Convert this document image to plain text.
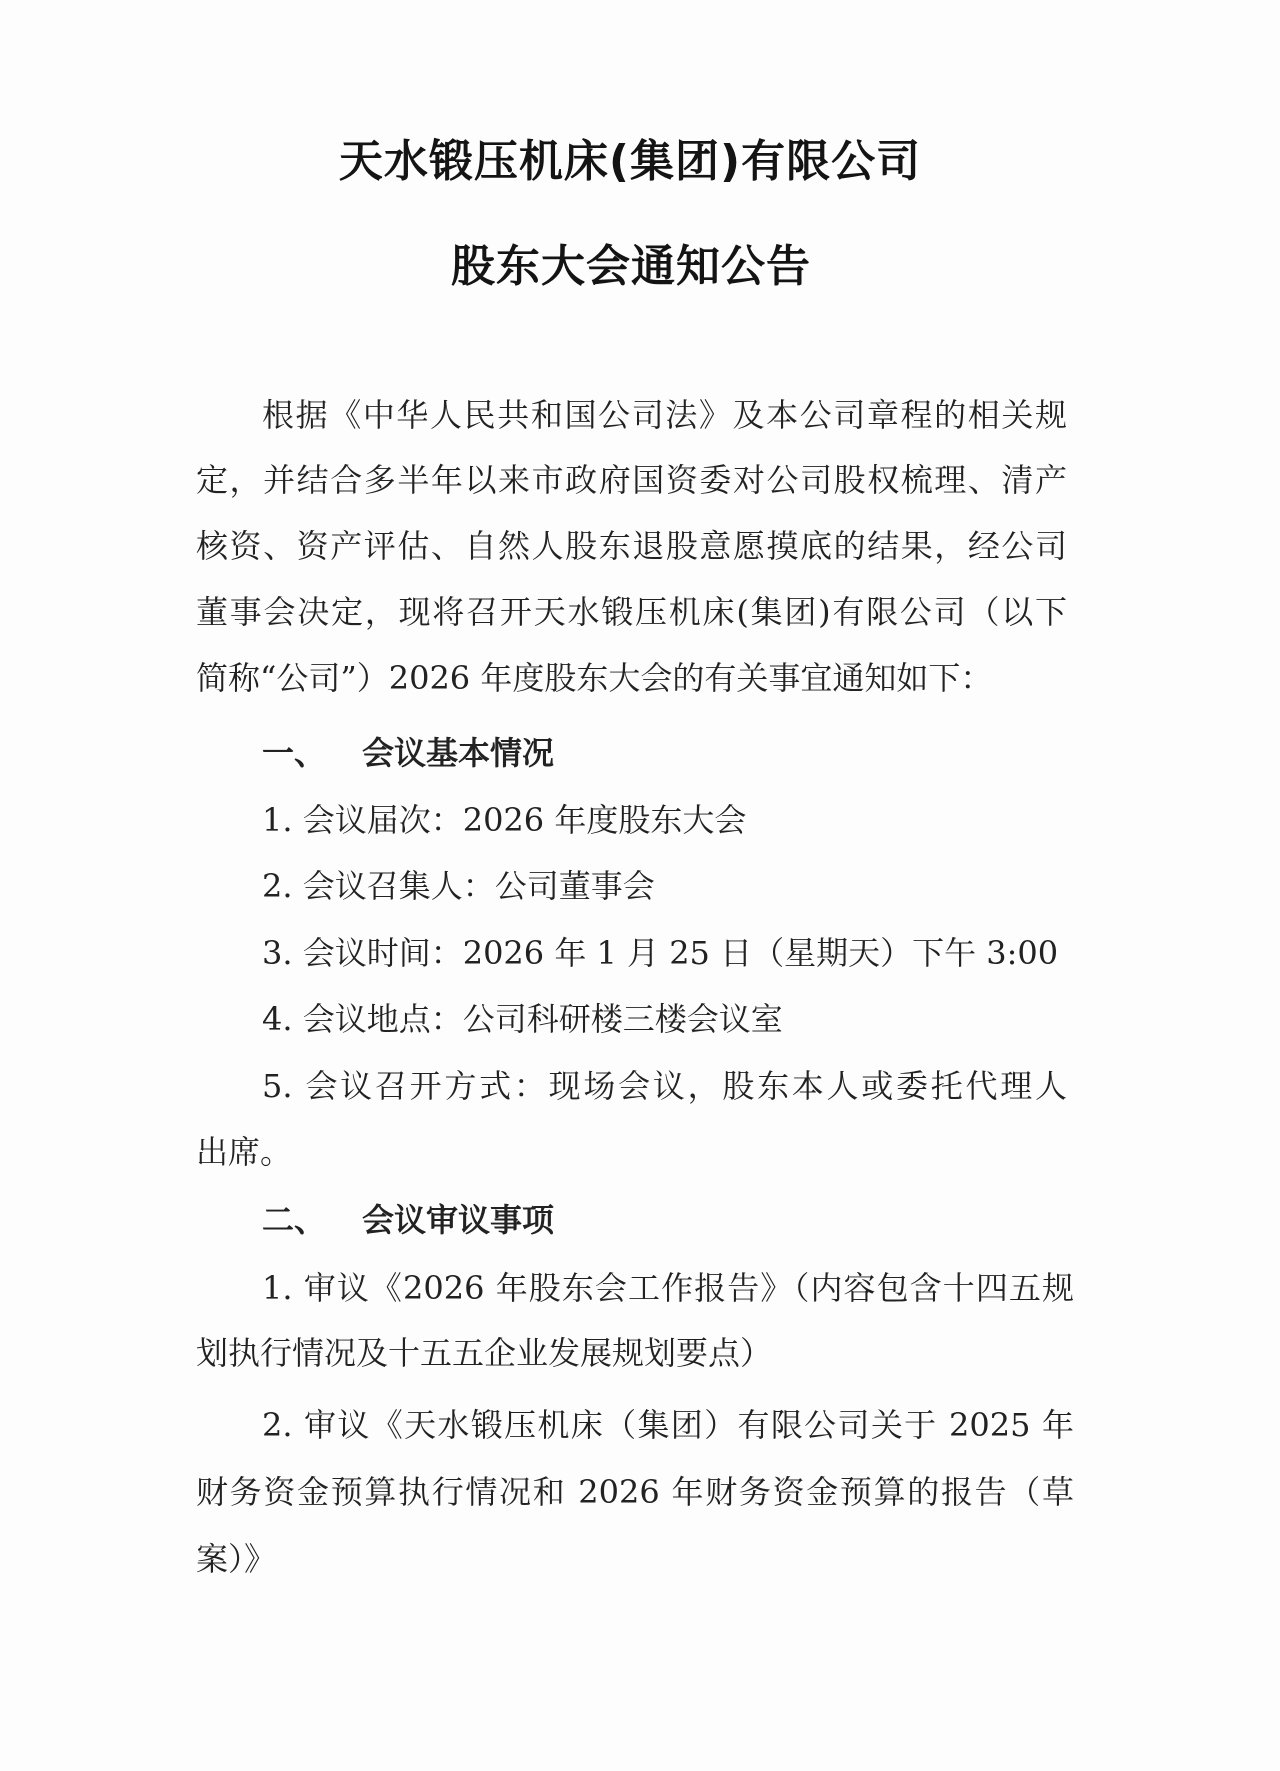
天水锻压机床(集团)有限公司
股东大会通知公告
根据《中华人民共和国公司法》及本公司章程的相关规
定，并结合多半年以来市政府国资委对公司股权梳理、清产
核资、资产评估、自然人股东退股意愿摸底的结果，经公司
董事会决定，现将召开天水锻压机床(集团)有限公司（以下
简称“公司”）2026 年度股东大会的有关事宜通知如下：
一、 会议基本情况
1. 会议届次：2026 年度股东大会
2. 会议召集人：公司董事会
3. 会议时间：2026 年 1 月 25 日（星期天）下午 3:00
4. 会议地点：公司科研楼三楼会议室
5. 会议召开方式：现场会议，股东本人或委托代理人
出席。
二、 会议审议事项
1. 审议《2026 年股东会工作报告》（内容包含十四五规
划执行情况及十五五企业发展规划要点）
2. 审议《天水锻压机床（集团）有限公司关于 2025 年
财务资金预算执行情况和 2026 年财务资金预算的报告（草
案）》
